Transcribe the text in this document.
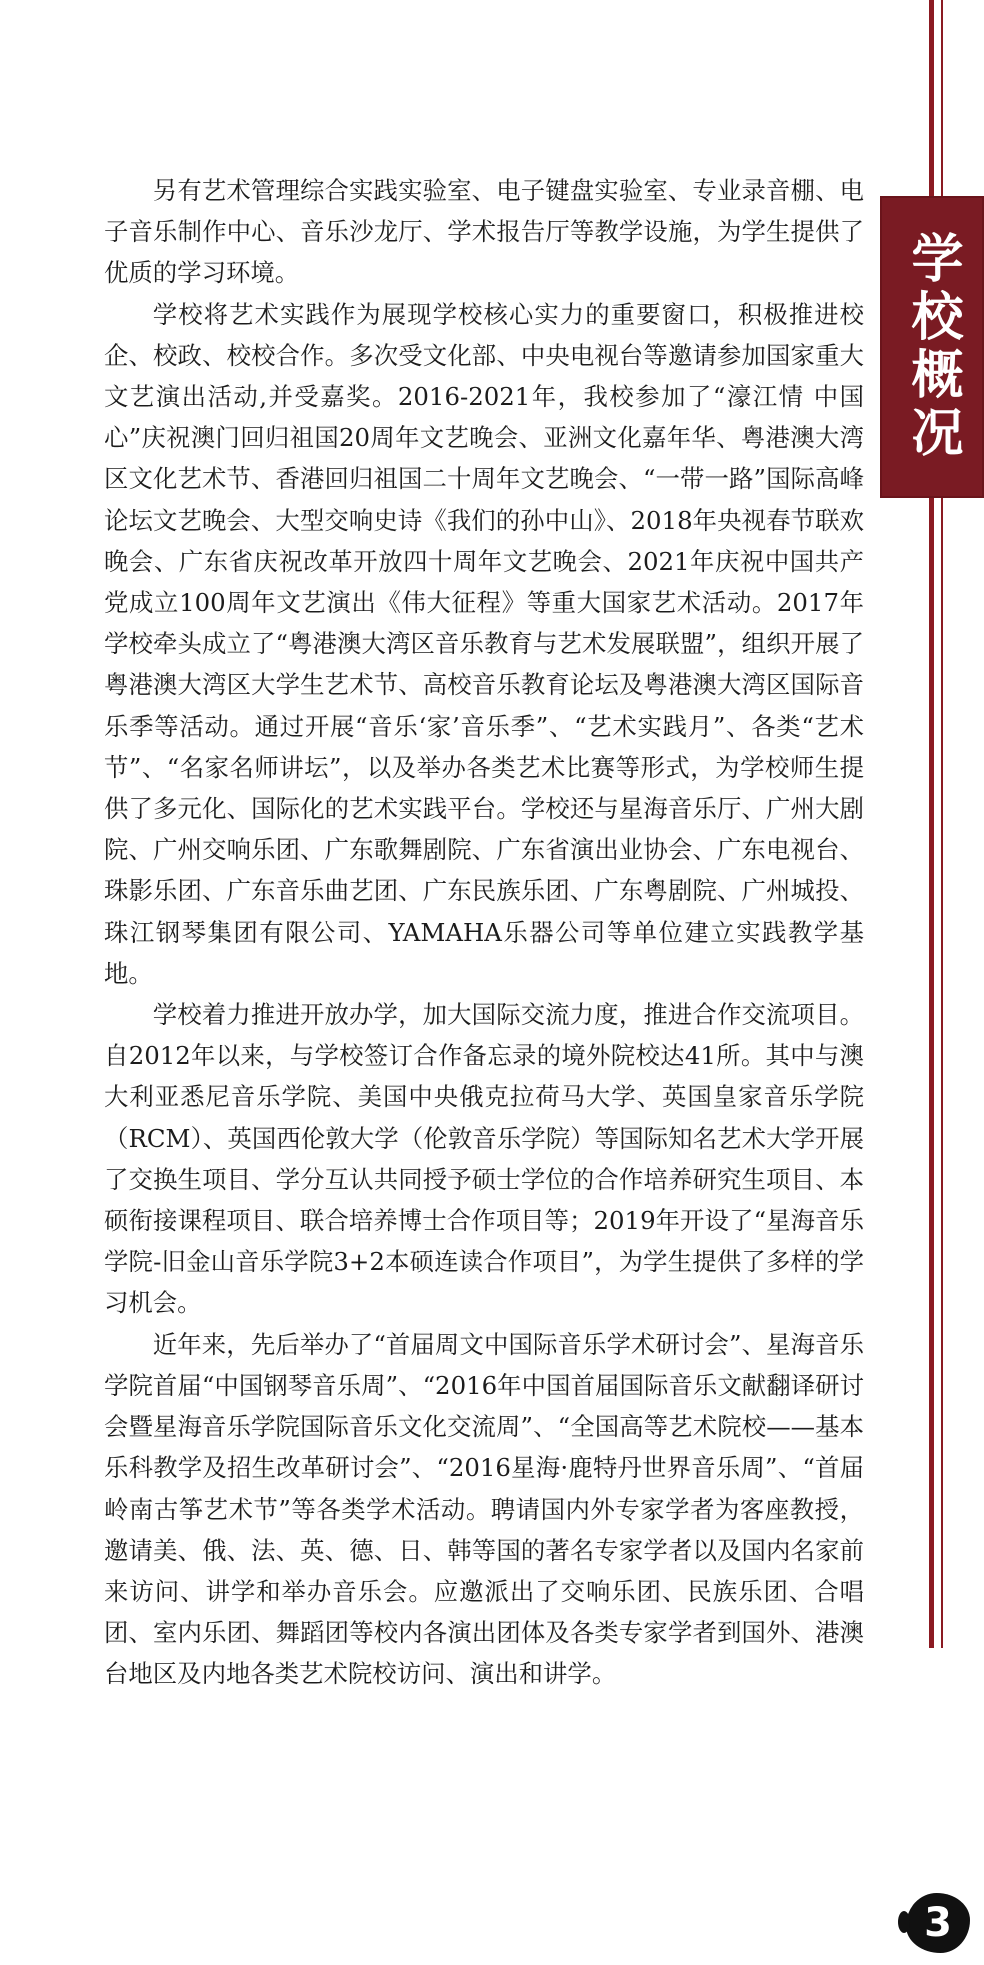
学校概况

另有艺术管理综合实践实验室、电子键盘实验室、专业录音棚、电子音乐制作中心、音乐沙龙厅、学术报告厅等教学设施，为学生提供了优质的学习环境。

学校将艺术实践作为展现学校核心实力的重要窗口，积极推进校企、校政、校校合作。多次受文化部、中央电视台等邀请参加国家重大文艺演出活动,并受嘉奖。2016-2021年，我校参加了“濠江情 中国心”庆祝澳门回归祖国20周年文艺晚会、亚洲文化嘉年华、粤港澳大湾区文化艺术节、香港回归祖国二十周年文艺晚会、“一带一路”国际高峰论坛文艺晚会、大型交响史诗《我们的孙中山》、2018年央视春节联欢晚会、广东省庆祝改革开放四十周年文艺晚会、2021年庆祝中国共产党成立100周年文艺演出《伟大征程》等重大国家艺术活动。2017年学校牵头成立了“粤港澳大湾区音乐教育与艺术发展联盟”，组织开展了粤港澳大湾区大学生艺术节、高校音乐教育论坛及粤港澳大湾区国际音乐季等活动。通过开展“音乐‘家’音乐季”、“艺术实践月”、各类“艺术节”、“名家名师讲坛”，以及举办各类艺术比赛等形式，为学校师生提供了多元化、国际化的艺术实践平台。学校还与星海音乐厅、广州大剧院、广州交响乐团、广东歌舞剧院、广东省演出业协会、广东电视台、珠影乐团、广东音乐曲艺团、广东民族乐团、广东粤剧院、广州城投、珠江钢琴集团有限公司、YAMAHA乐器公司等单位建立实践教学基地。

学校着力推进开放办学，加大国际交流力度，推进合作交流项目。自2012年以来，与学校签订合作备忘录的境外院校达41所。其中与澳大利亚悉尼音乐学院、美国中央俄克拉荷马大学、英国皇家音乐学院（RCM）、英国西伦敦大学（伦敦音乐学院）等国际知名艺术大学开展了交换生项目、学分互认共同授予硕士学位的合作培养研究生项目、本硕衔接课程项目、联合培养博士合作项目等；2019年开设了“星海音乐学院-旧金山音乐学院3+2本硕连读合作项目”，为学生提供了多样的学习机会。

近年来，先后举办了“首届周文中国际音乐学术研讨会”、星海音乐学院首届“中国钢琴音乐周”、“2016年中国首届国际音乐文献翻译研讨会暨星海音乐学院国际音乐文化交流周”、“全国高等艺术院校——基本乐科教学及招生改革研讨会”、“2016星海·鹿特丹世界音乐周”、“首届岭南古筝艺术节”等各类学术活动。聘请国内外专家学者为客座教授，邀请美、俄、法、英、德、日、韩等国的著名专家学者以及国内名家前来访问、讲学和举办音乐会。应邀派出了交响乐团、民族乐团、合唱团、室内乐团、舞蹈团等校内各演出团体及各类专家学者到国外、港澳台地区及内地各类艺术院校访问、演出和讲学。

3
